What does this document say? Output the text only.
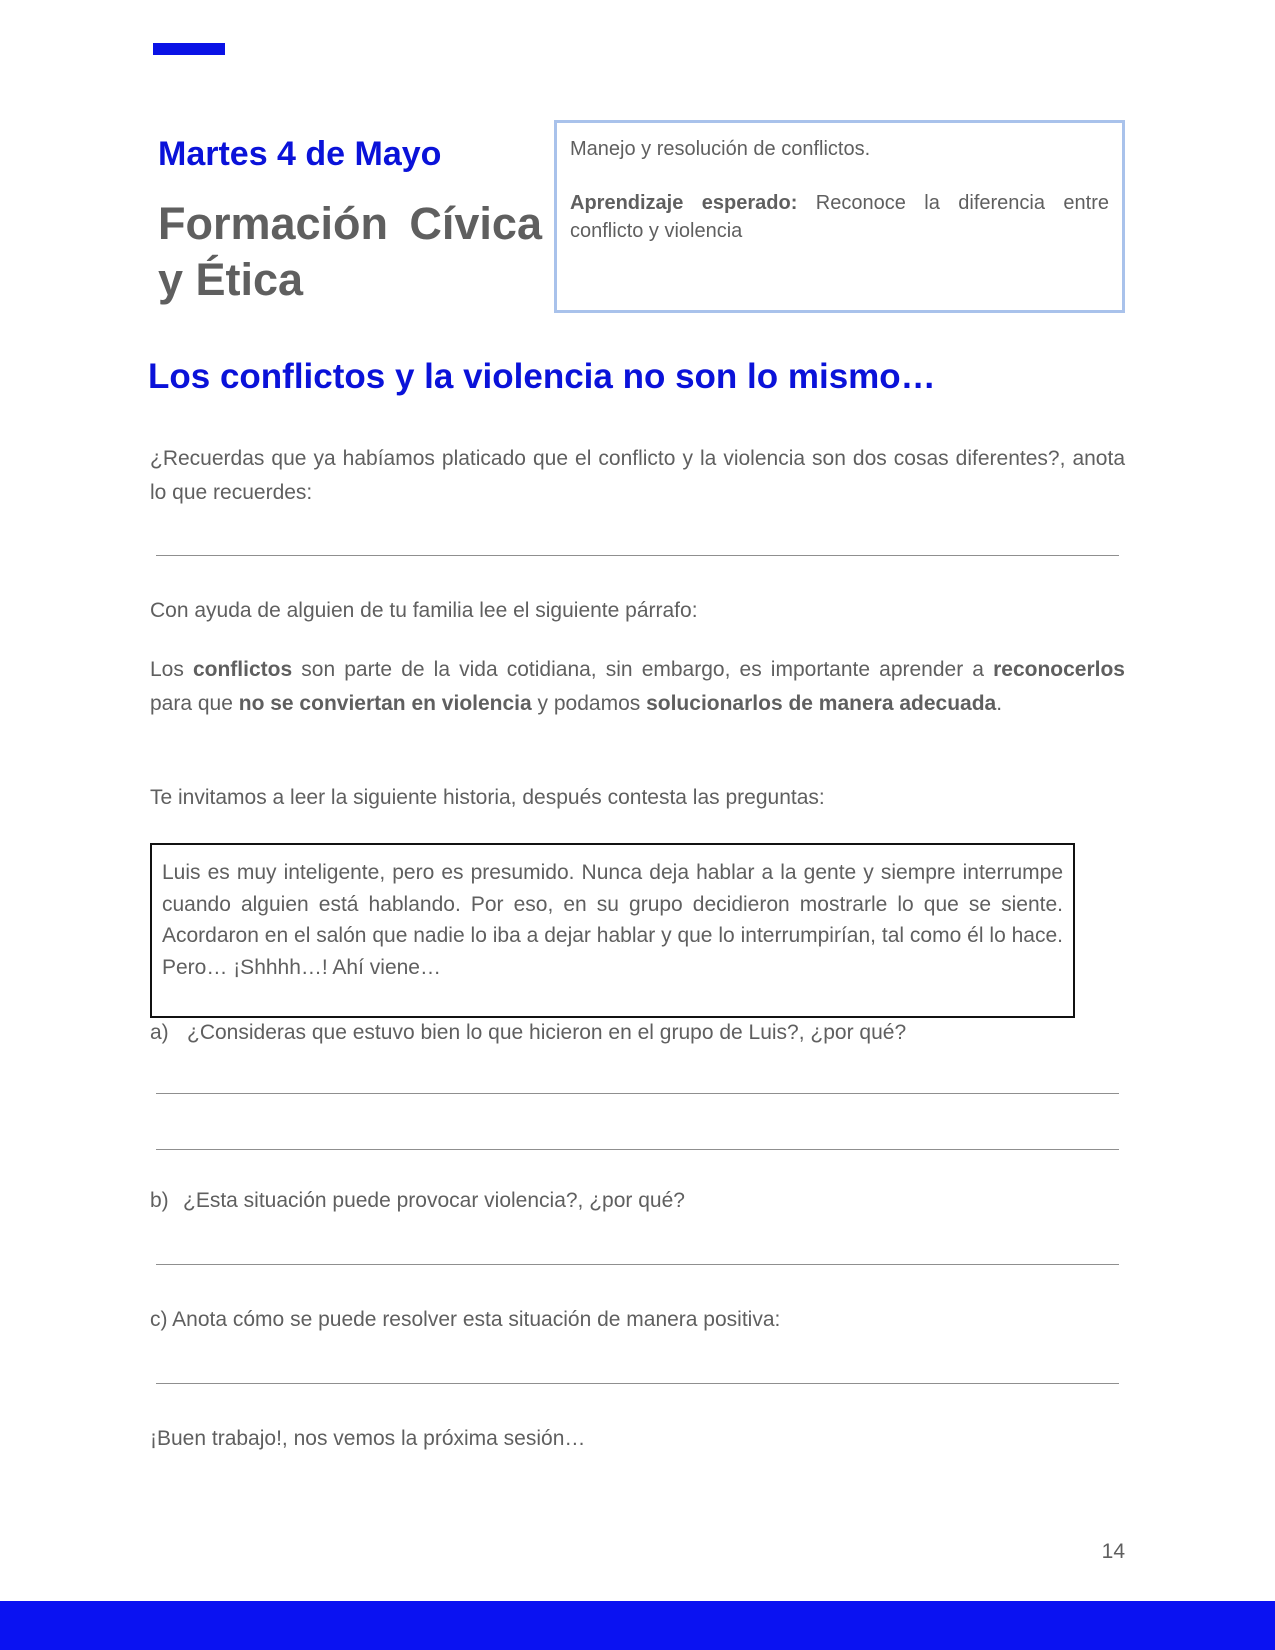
Martes 4 de Mayo
Formación Cívica
y Ética

Manejo y resolución de conflictos.

Aprendizaje esperado: Reconoce la diferencia entre conflicto y violencia

Los conflictos y la violencia no son lo mismo…

¿Recuerdas que ya habíamos platicado que el conflicto y la violencia son dos cosas diferentes?, anota lo que recuerdes:

Con ayuda de alguien de tu familia lee el siguiente párrafo:

Los conflictos son parte de la vida cotidiana, sin embargo, es importante aprender a reconocerlos para que no se conviertan en violencia y podamos solucionarlos de manera adecuada.

Te invitamos a leer la siguiente historia, después contesta las preguntas:

Luis es muy inteligente, pero es presumido. Nunca deja hablar a la gente y siempre interrumpe cuando alguien está hablando. Por eso, en su grupo decidieron mostrarle lo que se siente. Acordaron en el salón que nadie lo iba a dejar hablar y que lo interrumpirían, tal como él lo hace. Pero… ¡Shhhh…! Ahí viene…

a) ¿Consideras que estuvo bien lo que hicieron en el grupo de Luis?, ¿por qué?

b) ¿Esta situación puede provocar violencia?, ¿por qué?

c) Anota cómo se puede resolver esta situación de manera positiva:

¡Buen trabajo!, nos vemos la próxima sesión…

14
